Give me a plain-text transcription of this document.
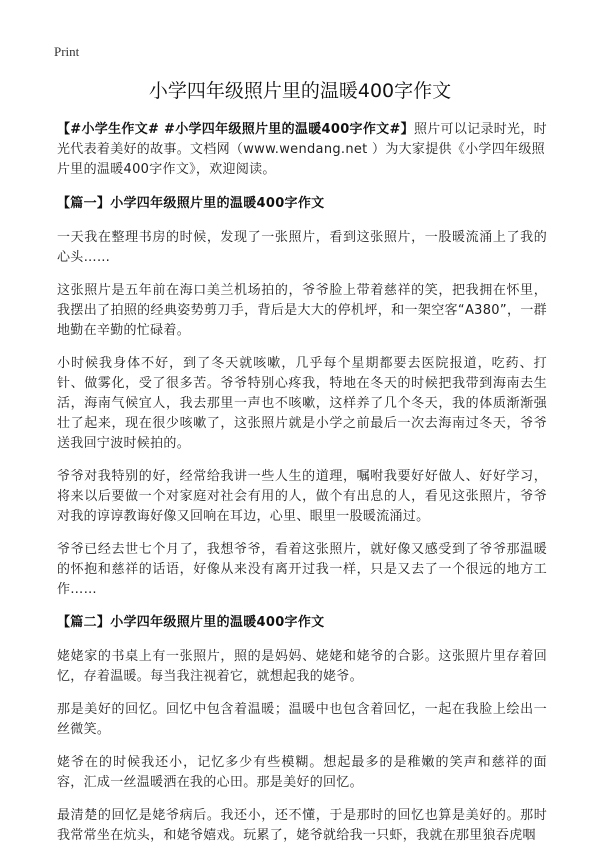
Print
小学四年级照片里的温暖400字作文

【#小学生作文# #小学四年级照片里的温暖400字作文#】照片可以记录时光，时光代表着美好的故事。文档网（www.wendang.net ）为大家提供《小学四年级照片里的温暖400字作文》，欢迎阅读。

【篇一】小学四年级照片里的温暖400字作文

一天我在整理书房的时候，发现了一张照片，看到这张照片，一股暖流涌上了我的心头……

这张照片是五年前在海口美兰机场拍的，爷爷脸上带着慈祥的笑，把我拥在怀里，我摆出了拍照的经典姿势剪刀手，背后是大大的停机坪，和一架空客“A380”，一群地勤在辛勤的忙碌着。

小时候我身体不好，到了冬天就咳嗽，几乎每个星期都要去医院报道，吃药、打针、做雾化，受了很多苦。爷爷特别心疼我，特地在冬天的时候把我带到海南去生活，海南气候宜人，我去那里一声也不咳嗽，这样养了几个冬天，我的体质渐渐强壮了起来，现在很少咳嗽了，这张照片就是小学之前最后一次去海南过冬天，爷爷送我回宁波时候拍的。

爷爷对我特别的好，经常给我讲一些人生的道理，嘱咐我要好好做人、好好学习，将来以后要做一个对家庭对社会有用的人，做个有出息的人，看见这张照片，爷爷对我的谆谆教诲好像又回响在耳边，心里、眼里一股暖流涌过。

爷爷已经去世七个月了，我想爷爷，看着这张照片，就好像又感受到了爷爷那温暖的怀抱和慈祥的话语，好像从来没有离开过我一样，只是又去了一个很远的地方工作……

【篇二】小学四年级照片里的温暖400字作文

姥姥家的书桌上有一张照片，照的是妈妈、姥姥和姥爷的合影。这张照片里存着回忆，存着温暖。每当我注视着它，就想起我的姥爷。

那是美好的回忆。回忆中包含着温暖；温暖中也包含着回忆，一起在我脸上绘出一丝微笑。

姥爷在的时候我还小，记忆多少有些模糊。想起最多的是稚嫩的笑声和慈祥的面容，汇成一丝温暖洒在我的心田。那是美好的回忆。

最清楚的回忆是姥爷病后。我还小，还不懂，于是那时的回忆也算是美好的。那时我常常坐在炕头，和姥爷嬉戏。玩累了，姥爷就给我一只虾，我就在那里狼吞虎咽
